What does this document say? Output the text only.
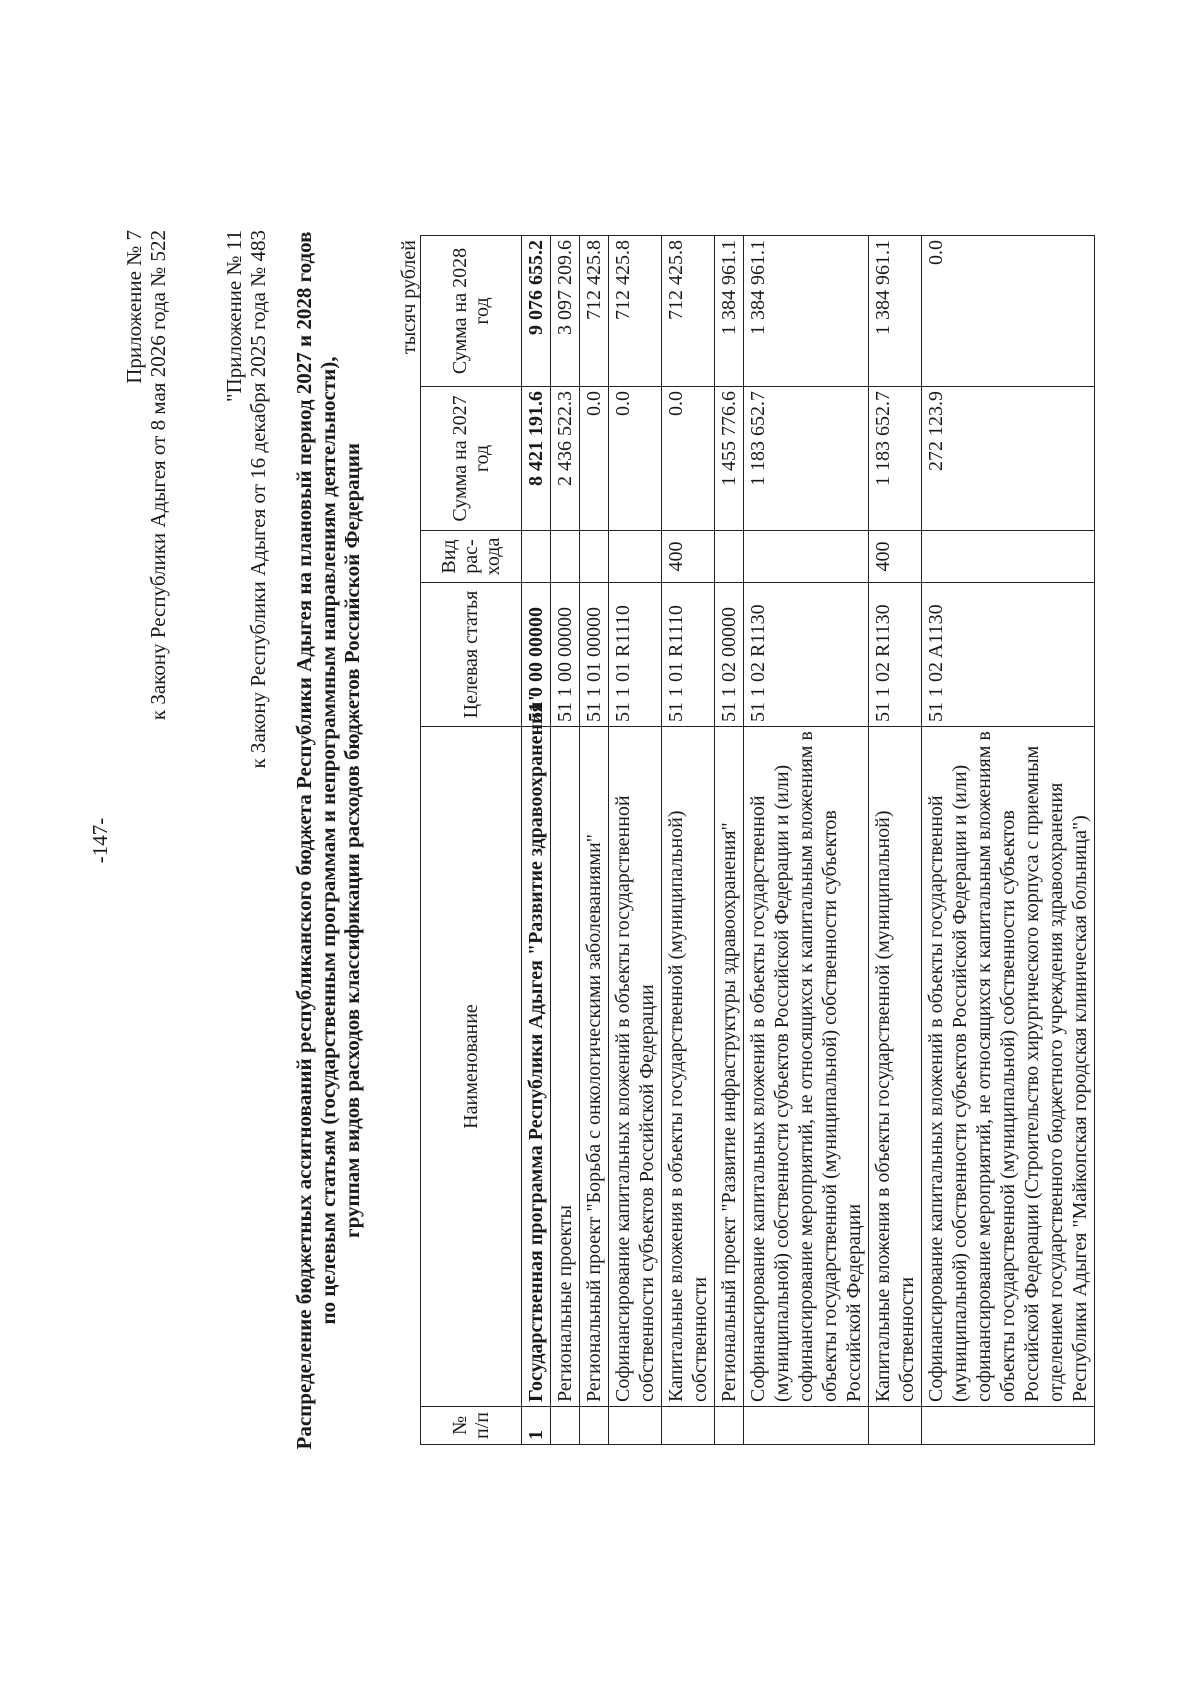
-147-
Приложение № 7 к Закону Республики Адыгея от 8 мая 2026 года № 522 "Приложение № 11 к Закону Республики Адыгея от 16 декабря 2025 года № 483 Распределение бюджетных ассигнований республиканского бюджета Республики Адыгея на плановый период 2027 и 2028 годов по целевым статьям (государственным программам и непрограммным направлениям деятельности), группам видов расходов классификации расходов бюджетов Российской Федерации
тысяч рублей
№ п/п	Наименование	Целевая статья	Вид рас-хода	Сумма на 2027 год	Сумма на 2028 год
1	Государственная программа Республики Адыгея "Развитие здравоохранения"	51 0 00 00000		8 421 191.6	9 076 655.2
	Региональные проекты	51 1 00 00000		2 436 522.3	3 097 209.6
	Региональный проект "Борьба с онкологическими заболеваниями"	51 1 01 00000		0.0	712 425.8
	Софинансирование капитальных вложений в объекты государственной собственности субъектов Российской Федерации	51 1 01 R1110		0.0	712 425.8
	Капитальные вложения в объекты государственной (муниципальной) собственности	51 1 01 R1110	400	0.0	712 425.8
	Региональный проект "Развитие инфраструктуры здравоохранения"	51 1 02 00000		1 455 776.6	1 384 961.1
	Софинансирование капитальных вложений в объекты государственной (муниципальной) собственности субъектов Российской Федерации и (или) софинансирование мероприятий, не относящихся к капитальным вложениям в объекты государственной (муниципальной) собственности субъектов Российской Федерации	51 1 02 R1130		1 183 652.7	1 384 961.1
	Капитальные вложения в объекты государственной (муниципальной) собственности	51 1 02 R1130	400	1 183 652.7	1 384 961.1
	Софинансирование капитальных вложений в объекты государственной (муниципальной) собственности субъектов Российской Федерации и (или) софинансирование мероприятий, не относящихся к капитальным вложениям в объекты государственной (муниципальной) собственности субъектов Российской Федерации (Строительство хирургического корпуса с приемным отделением государственного бюджетного учреждения здравоохранения Республики Адыгея "Майкопская городская клиническая больница")	51 1 02 A1130		272 123.9	0.0
